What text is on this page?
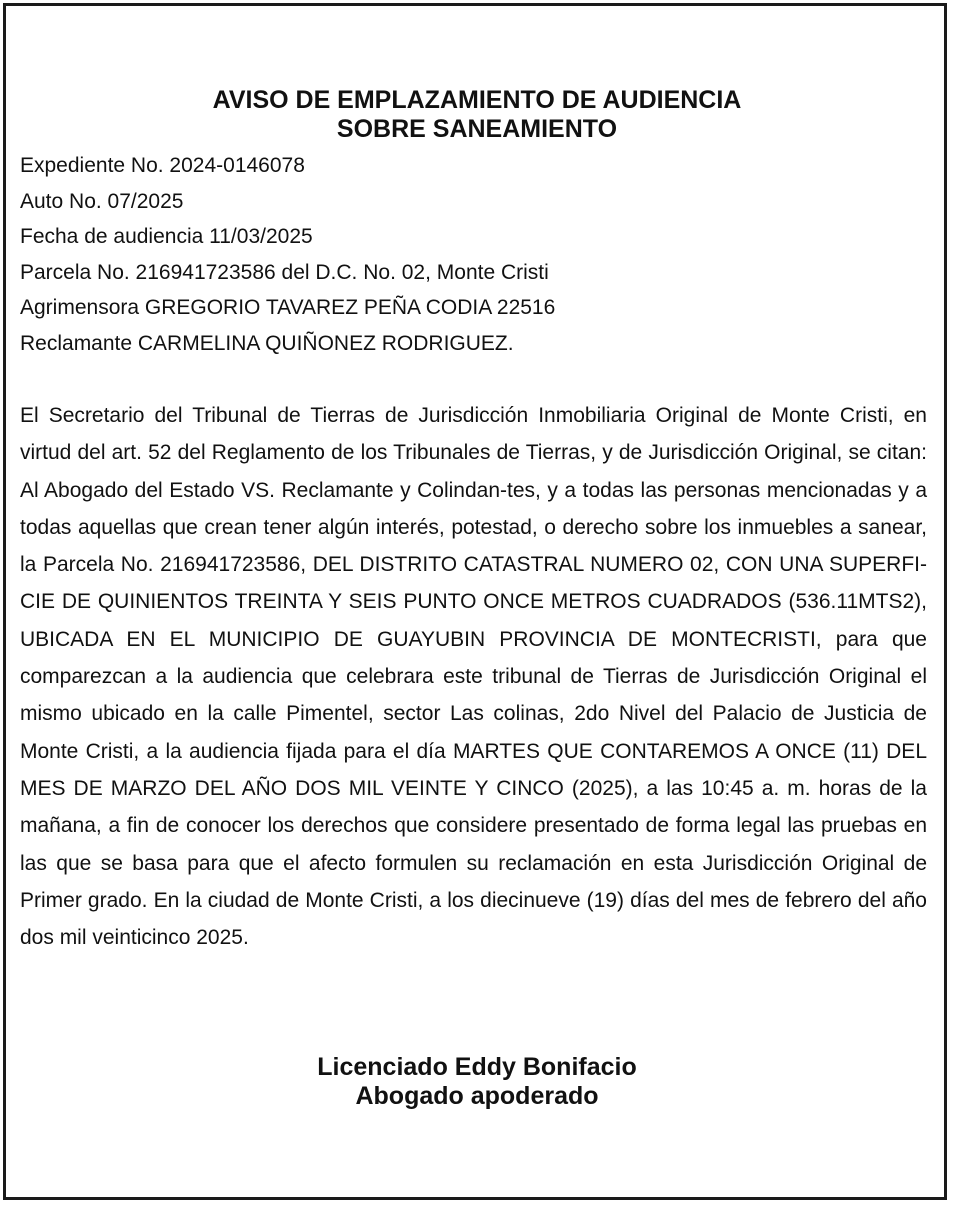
AVISO DE EMPLAZAMIENTO DE AUDIENCIA
SOBRE SANEAMIENTO
Expediente No. 2024-0146078
Auto No. 07/2025
Fecha de audiencia 11/03/2025
Parcela No. 216941723586 del D.C. No. 02, Monte Cristi
Agrimensora GREGORIO TAVAREZ PEÑA CODIA 22516
Reclamante CARMELINA QUIÑONEZ RODRIGUEZ.
El Secretario del Tribunal de Tierras de Jurisdicción Inmobiliaria Original de Monte Cristi, en virtud del art. 52 del Reglamento de los Tribunales de Tierras, y de Jurisdicción Original, se citan: Al Abogado del Estado VS. Reclamante y Colindan-tes, y a todas las personas mencionadas y a todas aquellas que crean tener algún interés, potestad, o derecho sobre los inmuebles a sanear, la Parcela No. 216941723586, DEL DISTRITO CATASTRAL NUMERO 02, CON UNA SUPERFI-CIE DE QUINIENTOS TREINTA Y SEIS PUNTO ONCE METROS CUADRADOS (536.11MTS2), UBICADA EN EL MUNICIPIO DE GUAYUBIN PROVINCIA DE MONTECRISTI, para que comparezcan a la audiencia que celebrara este tribunal de Tierras de Jurisdicción Original el mismo ubicado en la calle Pimentel, sector Las colinas, 2do Nivel del Palacio de Justicia de Monte Cristi, a la audiencia fijada para el día MARTES QUE CONTAREMOS A ONCE (11) DEL MES DE MARZO DEL AÑO DOS MIL VEINTE Y CINCO (2025), a las 10:45 a. m. horas de la mañana, a fin de conocer los derechos que considere presentado de forma legal las pruebas en las que se basa para que el afecto formulen su reclamación en esta Jurisdicción Original de Primer grado. En la ciudad de Monte Cristi, a los diecinueve (19) días del mes de febrero del año dos mil veinticinco 2025.
Licenciado Eddy Bonifacio
Abogado apoderado
